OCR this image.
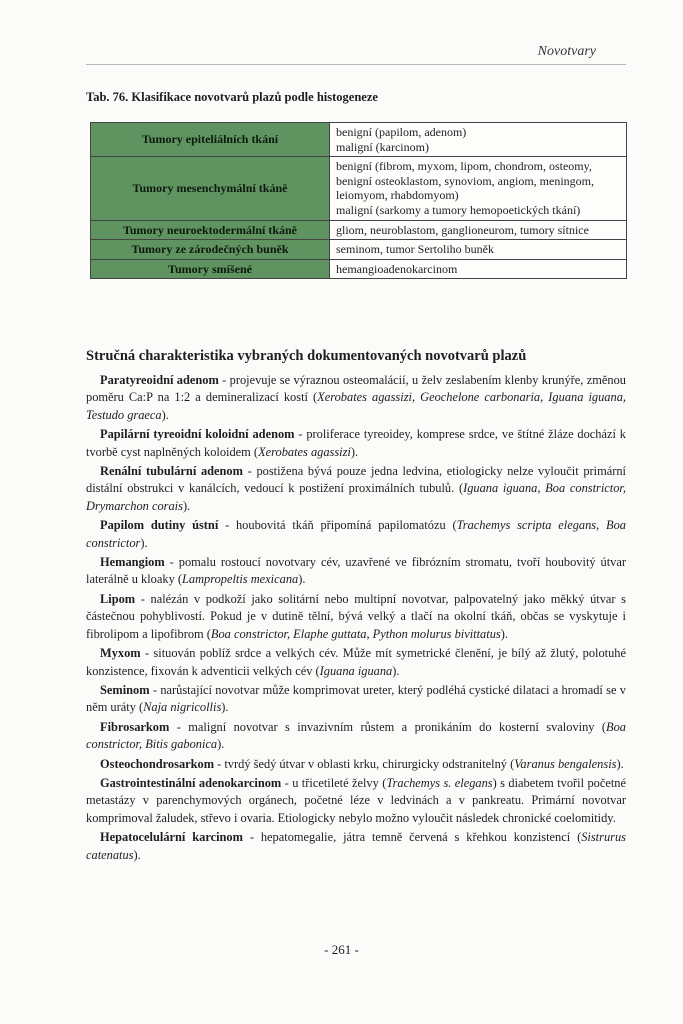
Novotvary
Tab. 76. Klasifikace novotvarů plazů podle histogeneze
Tumory epiteliálních tkání	benigní (papilom, adenom)
maligní (karcinom)

Tumory mesenchymální tkáně	benigní (fibrom, myxom, lipom, chondrom, osteomy, benigní osteoklastom, synoviom, angiom, meningom, leiomyom, rhabdomyom)
maligní (sarkomy a tumory hemopoetických tkání)

Tumory neuroektodermální tkáně	gliom, neuroblastom, ganglioneurom, tumory sítnice

Tumory ze zárodečných buněk	seminom, tumor Sertoliho buněk

Tumory smíšené	hemangioadenokarcinom
Stručná charakteristika vybraných dokumentovaných novotvarů plazů

Paratyreoidní adenom - projevuje se výraznou osteomalácií, u želv zeslabením klenby krunýře, změnou poměru Ca:P na 1:2 a demineralizací kostí (Xerobates agassizi, Geochelone carbonaria, Iguana iguana, Testudo graeca).

Papilární tyreoidní koloidní adenom - proliferace tyreoidey, komprese srdce, ve štítné žláze dochází k tvorbě cyst naplněných koloidem (Xerobates agassizi).

Renální tubulární adenom - postižena bývá pouze jedna ledvina, etiologicky nelze vyloučit primární distální obstrukci v kanálcích, vedoucí k postižení proximálních tubulů. (Iguana iguana, Boa constrictor, Drymarchon corais).

Papilom dutiny ústní - houbovitá tkáň připomíná papilomatózu (Trachemys scripta elegans, Boa constrictor).

Hemangiom - pomalu rostoucí novotvary cév, uzavřené ve fibrózním stromatu, tvoří houbovitý útvar laterálně u kloaky (Lampropeltis mexicana).

Lipom - nalézán v podkoží jako solitární nebo multipní novotvar, palpovatelný jako měkký útvar s částečnou pohyblivostí. Pokud je v dutině tělní, bývá velký a tlačí na okolní tkáň, občas se vyskytuje i fibrolipom a lipofibrom (Boa constrictor, Elaphe guttata, Python molurus bivittatus).

Myxom - situován poblíž srdce a velkých cév. Může mít symetrické členění, je bílý až žlutý, polotuhé konzistence, fixován k adventicii velkých cév (Iguana iguana).

Seminom - narůstající novotvar může komprimovat ureter, který podléhá cystické dilataci a hromadí se v něm uráty (Naja nigricollis).

Fibrosarkom - maligní novotvar s invazivním růstem a pronikáním do kosterní svaloviny (Boa constrictor, Bitis gabonica).

Osteochondrosarkom - tvrdý šedý útvar v oblasti krku, chirurgicky odstranitelný (Varanus bengalensis).

Gastrointestinální adenokarcinom - u třicetileté želvy (Trachemys s. elegans) s diabetem tvořil početné metastázy v parenchymových orgánech, početné léze v ledvinách a v pankreatu. Primární novotvar komprimoval žaludek, střevo i ovaria. Etiologicky nebylo možno vyloučit následek chronické coelomitidy.

Hepatocelulární karcinom - hepatomegalie, játra temně červená s křehkou konzistencí (Sistrurus catenatus).

- 261 -
